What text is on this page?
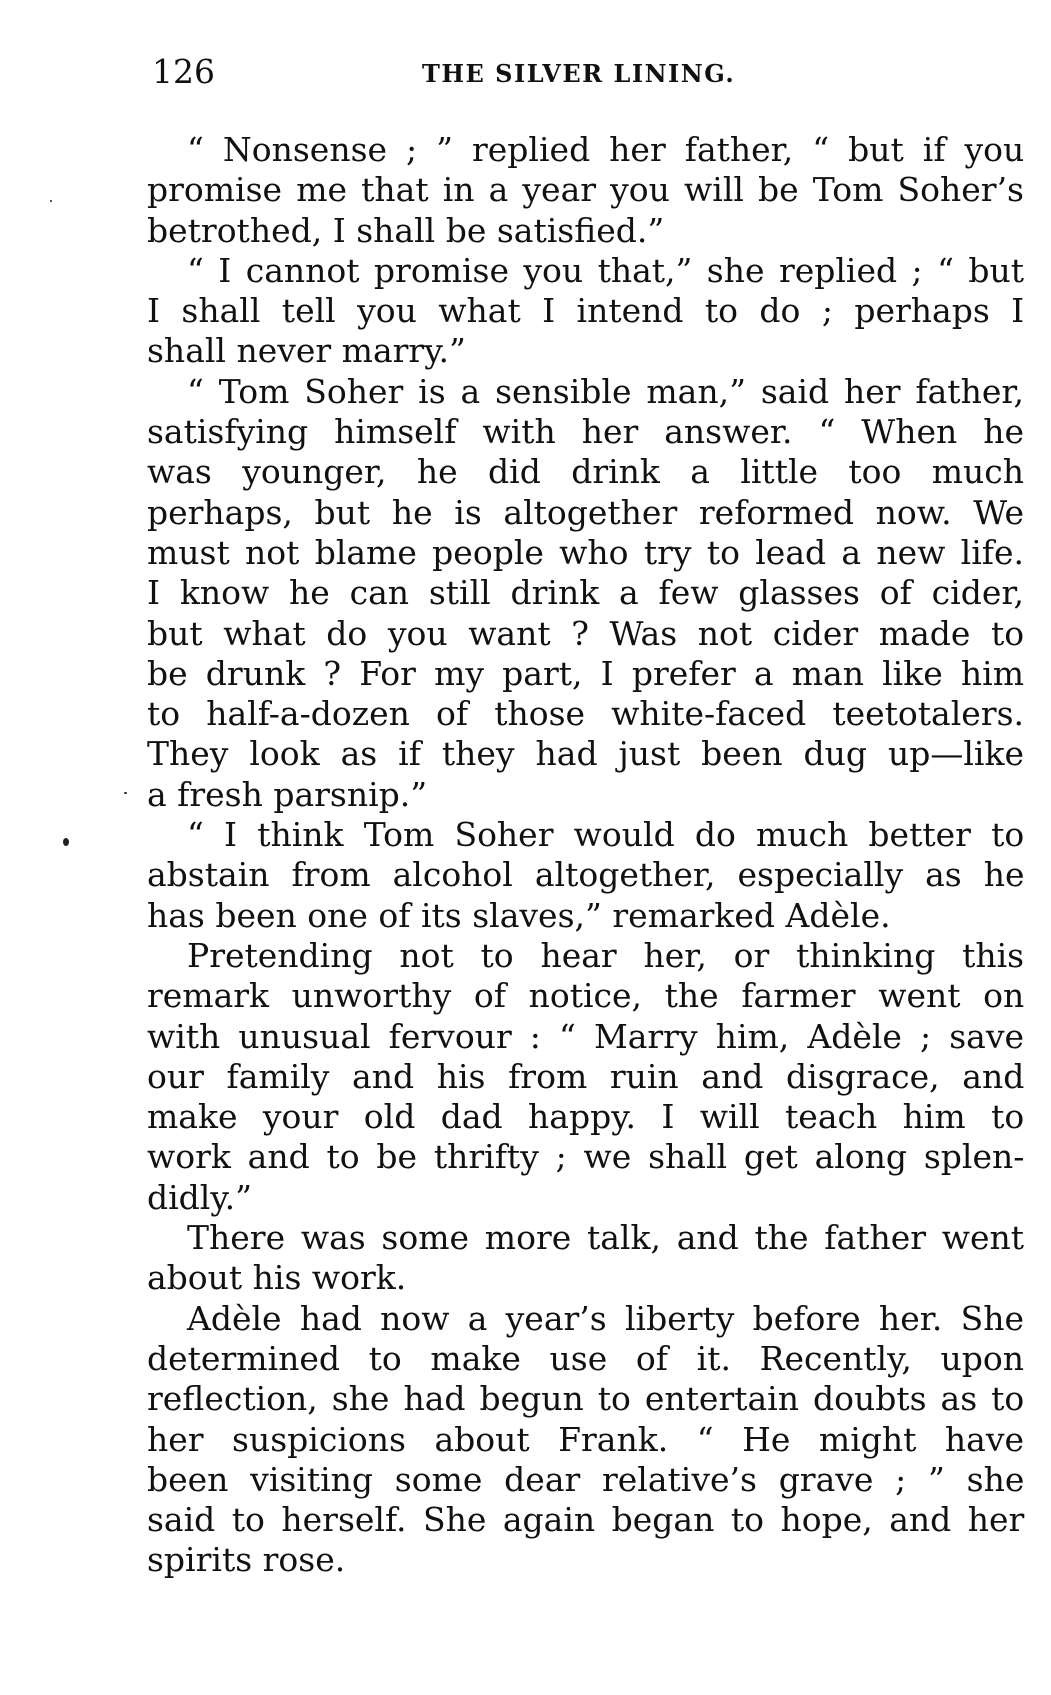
126	THE SILVER LINING.
“ Nonsense ; ” replied her father, “ but if you
promise me that in a year you will be Tom Soher’s
betrothed, I shall be satisfied.”
“ I cannot promise you that,” she replied ; “ but
I shall tell you what I intend to do ; perhaps I
shall never marry.”
“ Tom Soher is a sensible man,” said her father,
satisfying himself with her answer. “ When he
was younger, he did drink a little too much
perhaps, but he is altogether reformed now. We
must not blame people who try to lead a new life.
I know he can still drink a few glasses of cider,
but what do you want ? Was not cider made to
be drunk ? For my part, I prefer a man like him
to half-a-dozen of those white-faced teetotalers.
They look as if they had just been dug up—like
a fresh parsnip.”
“ I think Tom Soher would do much better to
abstain from alcohol altogether, especially as he
has been one of its slaves,” remarked Adèle.
Pretending not to hear her, or thinking this
remark unworthy of notice, the farmer went on
with unusual fervour : “ Marry him, Adèle ; save
our family and his from ruin and disgrace, and
make your old dad happy. I will teach him to
work and to be thrifty ; we shall get along splen-
didly.”
There was some more talk, and the father went
about his work.
Adèle had now a year’s liberty before her. She
determined to make use of it. Recently, upon
reflection, she had begun to entertain doubts as to
her suspicions about Frank. “ He might have
been visiting some dear relative’s grave ; ” she
said to herself. She again began to hope, and her
spirits rose.
